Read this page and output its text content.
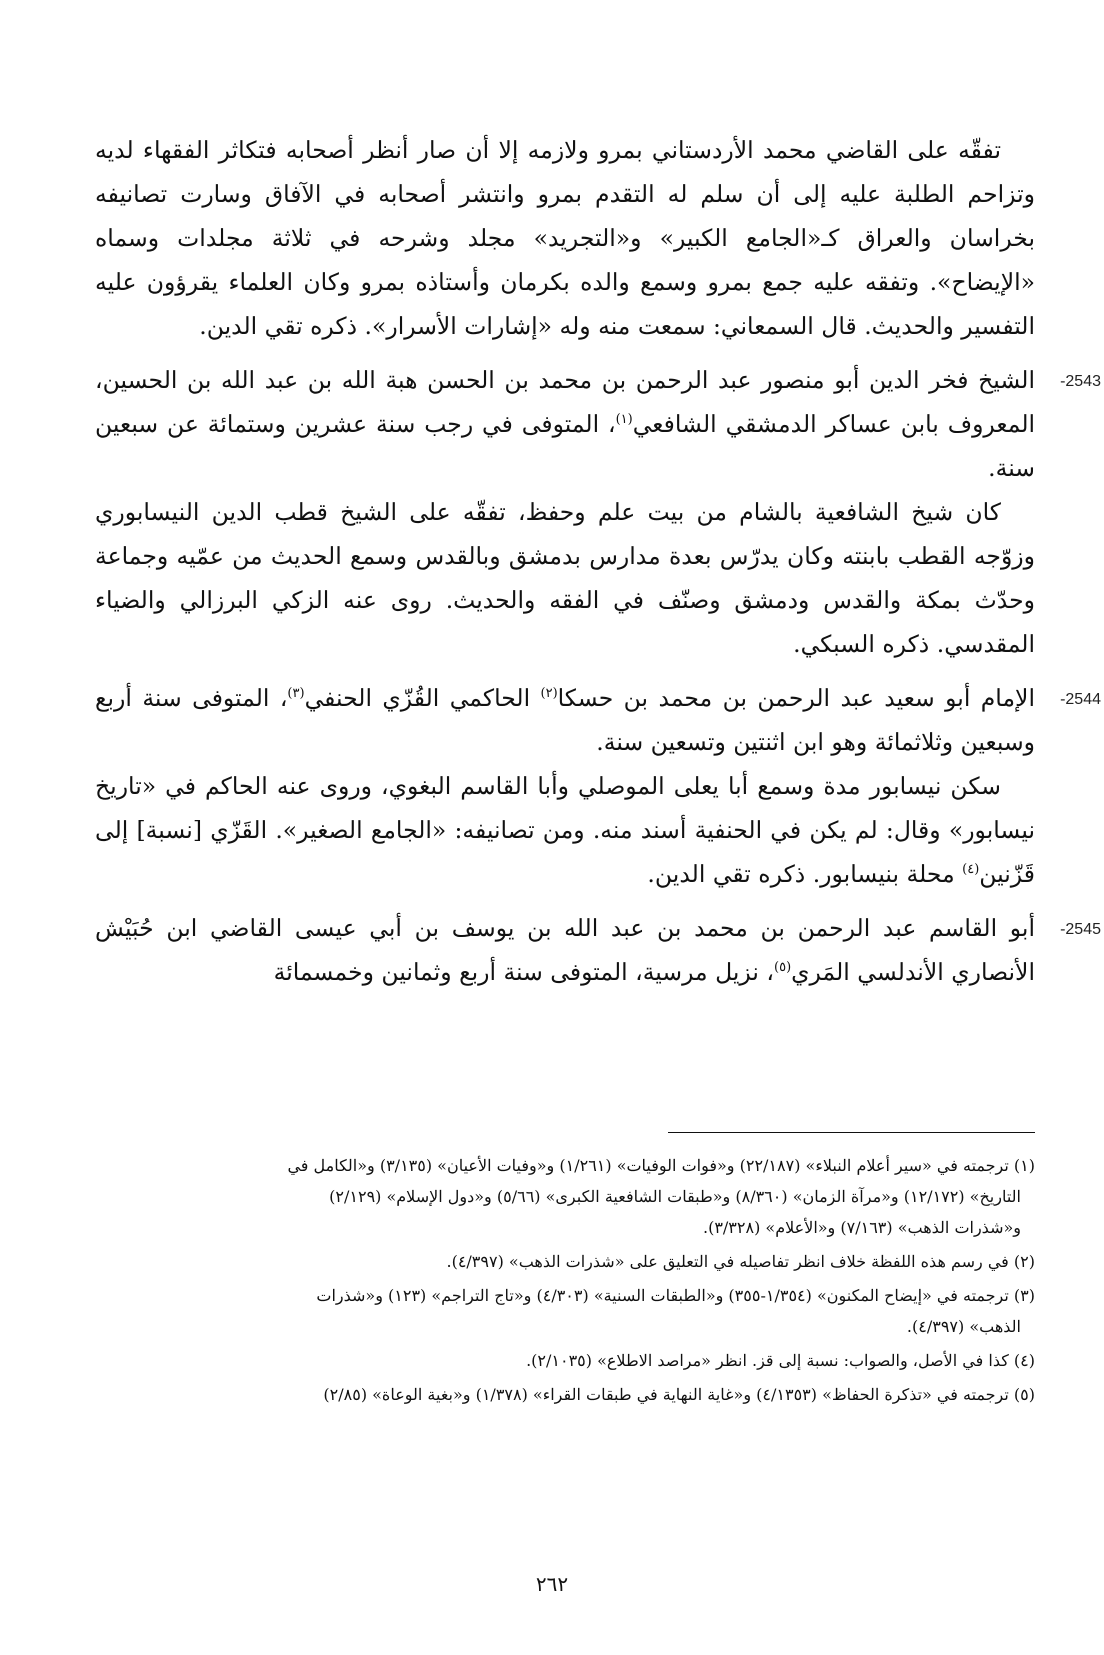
تفقّه على القاضي محمد الأردستاني بمرو ولازمه إلا أن صار أنظر أصحابه فتكاثر الفقهاء لديه وتزاحم الطلبة عليه إلى أن سلم له التقدم بمرو وانتشر أصحابه في الآفاق وسارت تصانيفه بخراسان والعراق كـ«الجامع الكبير» و«التجريد» مجلد وشرحه في ثلاثة مجلدات وسماه «الإيضاح». وتفقه عليه جمع بمرو وسمع والده بكرمان وأستاذه بمرو وكان العلماء يقرؤون عليه التفسير والحديث. قال السمعاني: سمعت منه وله «إشارات الأسرار». ذكره تقي الدين.

-2543

الشيخ فخر الدين أبو منصور عبد الرحمن بن محمد بن الحسن هبة الله بن عبد الله بن الحسين، المعروف بابن عساكر الدمشقي الشافعي$^{(١)}$، المتوفى في رجب سنة عشرين وستمائة عن سبعين سنة.

كان شيخ الشافعية بالشام من بيت علم وحفظ، تفقّه على الشيخ قطب الدين النيسابوري وزوّجه القطب بابنته وكان يدرّس بعدة مدارس بدمشق وبالقدس وسمع الحديث من عمّيه وجماعة وحدّث بمكة والقدس ودمشق وصنّف في الفقه والحديث. روى عنه الزكي البرزالي والضياء المقدسي. ذكره السبكي.

-2544

الإمام أبو سعيد عبد الرحمن بن محمد بن حسكا$^{(٢)}$ الحاكمي القُزّي الحنفي$^{(٣)}$، المتوفى سنة أربع وسبعين وثلاثمائة وهو ابن اثنتين وتسعين سنة.

سكن نيسابور مدة وسمع أبا يعلى الموصلي وأبا القاسم البغوي، وروى عنه الحاكم في «تاريخ نيسابور» وقال: لم يكن في الحنفية أسند منه. ومن تصانيفه: «الجامع الصغير». القَزّي [نسبة] إلى قَزّنين$^{(٤)}$ محلة بنيسابور. ذكره تقي الدين.

-2545

أبو القاسم عبد الرحمن بن محمد بن عبد الله بن يوسف بن أبي عيسى القاضي ابن حُبَيْش الأنصاري الأندلسي المَري$^{(٥)}$، نزيل مرسية، المتوفى سنة أربع وثمانين وخمسمائة

(١) ترجمته في «سير أعلام النبلاء» (٢٢/١٨٧) و«فوات الوفيات» (١/٢٦١) و«وفيات الأعيان» (٣/١٣٥) و«الكامل في
التاريخ» (١٢/١٧٢) و«مرآة الزمان» (٨/٣٦٠) و«طبقات الشافعية الكبرى» (٥/٦٦) و«دول الإسلام» (٢/١٢٩)
و«شذرات الذهب» (٧/١٦٣) و«الأعلام» (٣/٣٢٨).

(٢) في رسم هذه اللفظة خلاف انظر تفاصيله في التعليق على «شذرات الذهب» (٤/٣٩٧).

(٣) ترجمته في «إيضاح المكنون» (١/٣٥٤-٣٥٥) و«الطبقات السنية» (٤/٣٠٣) و«تاج التراجم» (١٢٣) و«شذرات
الذهب» (٤/٣٩٧).

(٤) كذا في الأصل، والصواب: نسبة إلى قز. انظر «مراصد الاطلاع» (٢/١٠٣٥).

(٥) ترجمته في «تذكرة الحفاظ» (٤/١٣٥٣) و«غاية النهاية في طبقات القراء» (١/٣٧٨) و«بغية الوعاة» (٢/٨٥)

٢٦٢
